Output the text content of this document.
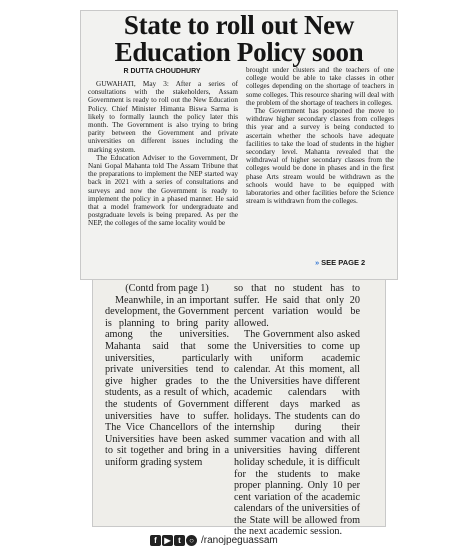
State to roll out New Education Policy soon
R DUTTA CHOUDHURY

GUWAHATI, May 3: After a series of consultations with the stakeholders, Assam Government is ready to roll out the New Education Policy. Chief Minister Himanta Biswa Sarma is likely to formally launch the policy later this month. The Government is also trying to bring parity between the Government and private universities on different issues including the marking system.

The Education Adviser to the Government, Dr Nani Gopal Mahanta told The Assam Tribune that the preparations to implement the NEP started way back in 2021 with a series of consultations and surveys and now the Government is ready to implement the policy in a phased manner. He said that a model framework for undergraduate and postgraduate levels is being prepared. As per the NEP, the colleges of the same locality would be

brought under clusters and the teachers of one college would be able to take classes in other colleges depending on the shortage of teachers in some colleges. This resource sharing will deal with the problem of the shortage of teachers in colleges.

The Government has postponed the move to withdraw higher secondary classes from colleges this year and a survey is being conducted to ascertain whether the schools have adequate facilities to take the load of students in the higher secondary level. Mahanta revealed that the withdrawal of higher secondary classes from the colleges would be done in phases and in the first phase Arts stream would be withdrawn as the schools would have to be equipped with laboratories and other facilities before the Science stream is withdrawn from the colleges.

» SEE PAGE 2

(Contd from page 1)

Meanwhile, in an important development, the Government is planning to bring parity among the universities. Mahanta said that some universities, particularly private universities tend to give higher grades to the students, as a result of which, the students of Government universities have to suffer. The Vice Chancellors of the Universities have been asked to sit together and bring in a uniform grading system

so that no student has to suffer. He said that only 20 percent variation would be allowed.

The Government also asked the Universities to come up with uniform academic calendar. At this moment, all the Universities have different academic calendars with different days marked as holidays. The students can do internship during their summer vacation and with all universities having different holiday schedule, it is difficult for the students to make proper planning. Only 10 per cent variation of the academic calendars of the universities of the State will be allowed from the next academic session.

f ▶ t	○ /ranojpeguassam
